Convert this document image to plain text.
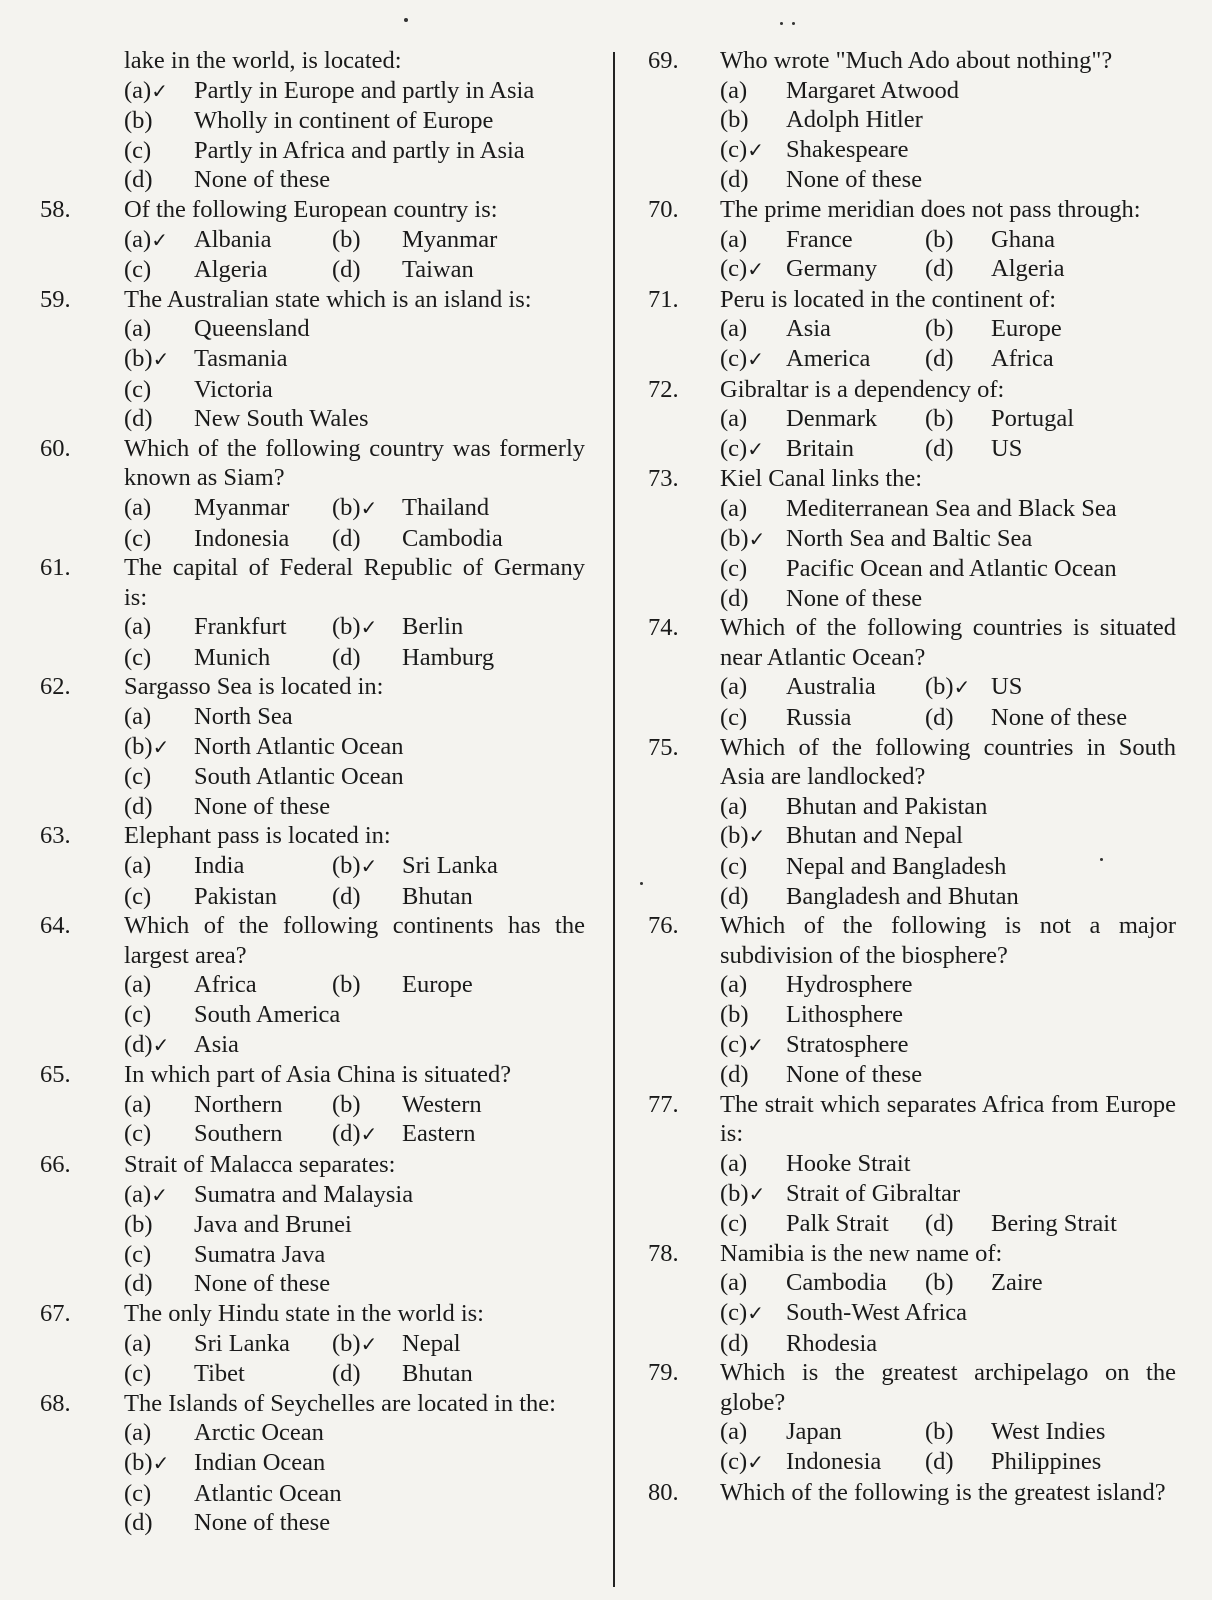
lake in the world, is located:
(a)✓	Partly in Europe and partly in Asia
(b)	Wholly in continent of Europe
(c)	Partly in Africa and partly in Asia
(d)	None of these
58.	Of the following European country is:
(a)✓	Albania (b)	Myanmar
(c)	Algeria	(d)	Taiwan
59.	The Australian state which is an island is:
(a)	Queensland
(b)✓	Tasmania
(c)	Victoria
(d)	New South Wales
60.	Which of the following country was formerly known as Siam?
(a)	Myanmar (b)✓	Thailand
(c)	Indonesia (d)	Cambodia
61.	The capital of Federal Republic of Germany is:
(a)	Frankfurt (b)✓	Berlin
(c)	Munich	(d)	Hamburg
62.	Sargasso Sea is located in:
(a)	North Sea
(b)✓	North Atlantic Ocean
(c)	South Atlantic Ocean
(d)	None of these
63.	Elephant pass is located in:
(a)	India	(b)✓	Sri Lanka
(c)	Pakistan (d)	Bhutan
64.	Which of the following continents has the largest area?
(a)	Africa	(b)	Europe
(c)	South America
(d)✓	Asia
65.	In which part of Asia China is situated?
(a)	Northern (b)	Western
(c)	Southern (d)✓	Eastern
66.	Strait of Malacca separates:
(a)✓	Sumatra and Malaysia
(b)	Java and Brunei
(c)	Sumatra Java
(d)	None of these
67.	The only Hindu state in the world is:
(a)	Sri Lanka (b)✓	Nepal
(c)	Tibet	(d)	Bhutan
68.	The Islands of Seychelles are located in the:
(a)	Arctic Ocean
(b)✓	Indian Ocean
(c)	Atlantic Ocean
(d)	None of these
69.	Who wrote "Much Ado about nothing"?
(a)	Margaret Atwood
(b)	Adolph Hitler
(c)✓ Shakespeare
(d)	None of these
70.	The prime meridian does not pass through:
(a)	France	(b)	Ghana
(c)✓ Germany (d)	Algeria
71.	Peru is located in the continent of:
(a)	Asia	(b)	Europe
(c)✓ America (d)	Africa
72.	Gibraltar is a dependency of:
(a)	Denmark (b)	Portugal
(c)✓ Britain	(d)	US
73.	Kiel Canal links the:
(a)	Mediterranean Sea and Black Sea
(b)✓ North Sea and Baltic Sea
(c)	Pacific Ocean and Atlantic Ocean
(d)	None of these
74.	Which of the following countries is situated near Atlantic Ocean?
(a)	Australia (b)✓ US
(c)	Russia	(d)	None of these
75.	Which of the following countries in South Asia are landlocked?
(a)	Bhutan and Pakistan
(b)✓ Bhutan and Nepal
(c)	Nepal and Bangladesh
(d)	Bangladesh and Bhutan
76.	Which of the following is not a major subdivision of the biosphere?
(a)	Hydrosphere
(b)	Lithosphere
(c)✓ Stratosphere
(d)	None of these
77.	The strait which separates Africa from Europe is:
(a)	Hooke Strait
(b)✓ Strait of Gibraltar
(c)	Palk Strait (d)	Bering Strait
78.	Namibia is the new name of:
(a)	Cambodia (b)	Zaire
(c)✓ South-West Africa
(d)	Rhodesia
79.	Which is the greatest archipelago on the globe?
(a)	Japan	(b)	West Indies
(c)✓ Indonesia (d)	Philippines
80.	Which of the following is the greatest island?
